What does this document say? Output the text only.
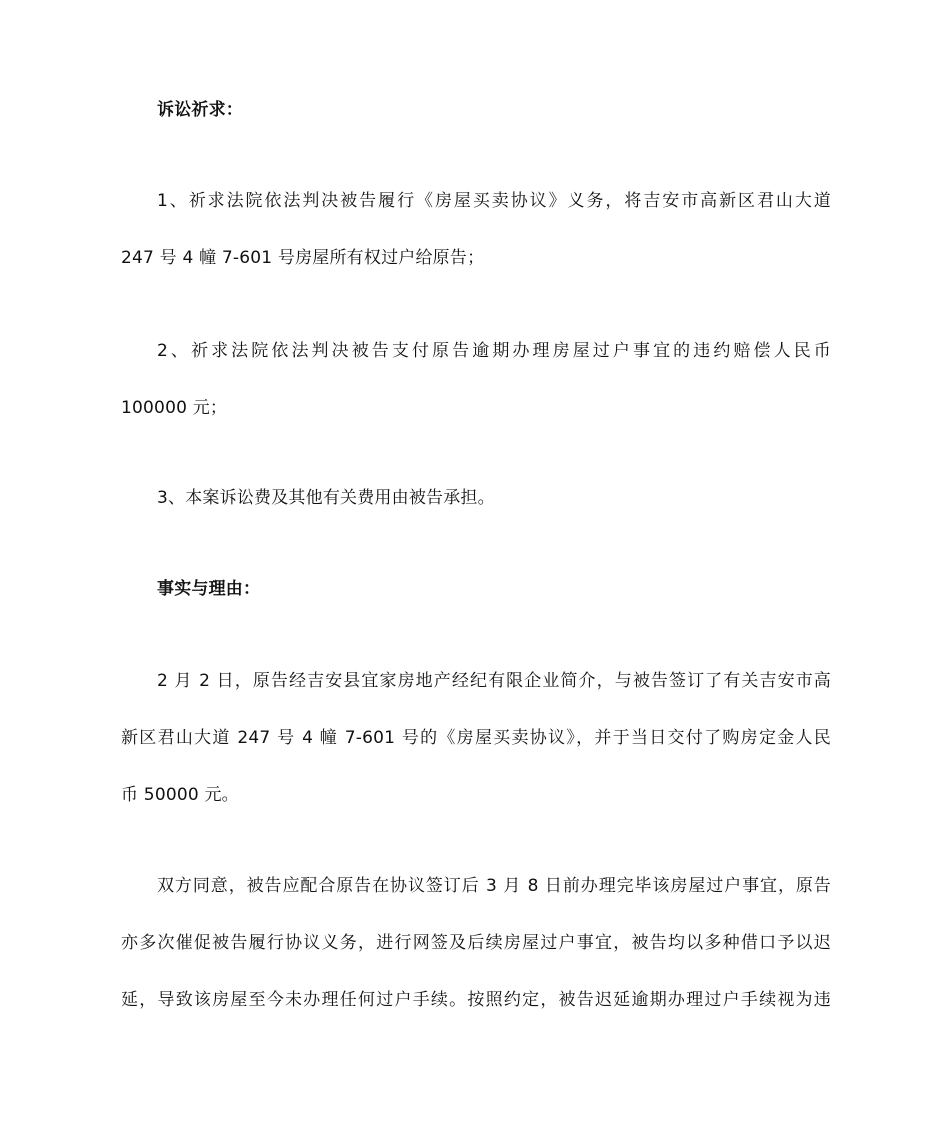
诉讼祈求：
1、祈求法院依法判决被告履行《房屋买卖协议》义务，将吉安市高新区君山大道
247 号 4 幢 7-601 号房屋所有权过户给原告；
2、祈求法院依法判决被告支付原告逾期办理房屋过户事宜的违约赔偿人民币
100000 元；
3、本案诉讼费及其他有关费用由被告承担。
事实与理由：
2 月 2 日，原告经吉安县宜家房地产经纪有限企业简介，与被告签订了有关吉安市高
新区君山大道 247 号 4 幢 7-601 号的《房屋买卖协议》，并于当日交付了购房定金人民
币 50000 元。
双方同意，被告应配合原告在协议签订后 3 月 8 日前办理完毕该房屋过户事宜，原告
亦多次催促被告履行协议义务，进行网签及后续房屋过户事宜，被告均以多种借口予以迟
延，导致该房屋至今未办理任何过户手续。按照约定，被告迟延逾期办理过户手续视为违
